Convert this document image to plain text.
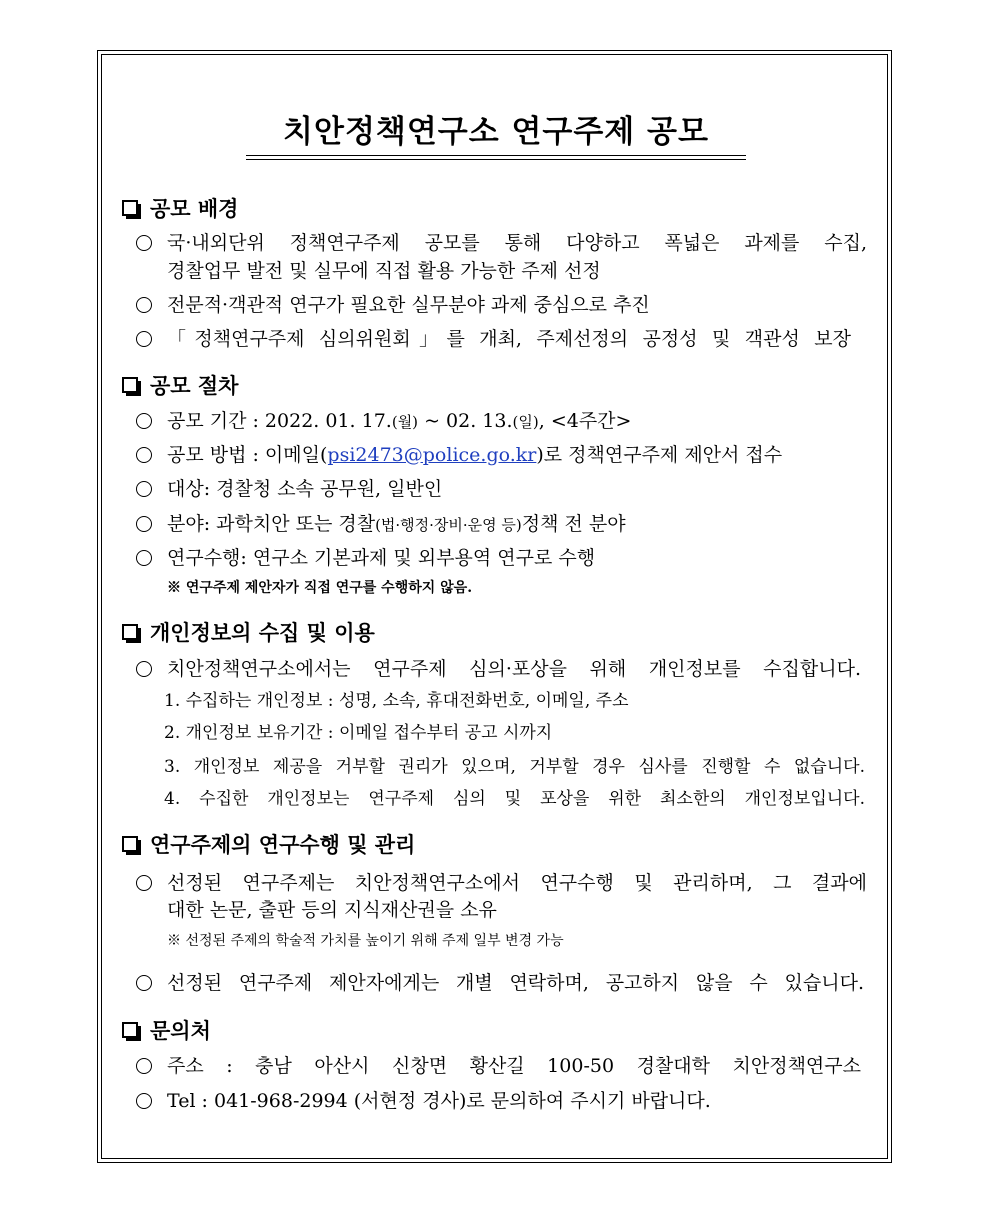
치안정책연구소 연구주제 공모
공모 배경
국·내외단위 정책연구주제 공모를 통해 다양하고 폭넓은 과제를 수집,
경찰업무 발전 및 실무에 직접 활용 가능한 주제 선정
전문적·객관적 연구가 필요한 실무분야 과제 중심으로 추진
「정책연구주제 심의위원회」를 개최, 주제선정의 공정성 및 객관성 보장
공모 절차
공모 기간 : 2022. 01. 17.(월) ~ 02. 13.(일), <4주간>
공모 방법 : 이메일(psi2473@police.go.kr)로 정책연구주제 제안서 접수
대상: 경찰청 소속 공무원, 일반인
분야: 과학치안 또는 경찰(법·행정·장비·운영 등)정책 전 분야
연구수행: 연구소 기본과제 및 외부용역 연구로 수행
※ 연구주제 제안자가 직접 연구를 수행하지 않음.
개인정보의 수집 및 이용
치안정책연구소에서는 연구주제 심의·포상을 위해 개인정보를 수집합니다.
1. 수집하는 개인정보 : 성명, 소속, 휴대전화번호, 이메일, 주소
2. 개인정보 보유기간 : 이메일 접수부터 공고 시까지
3. 개인정보 제공을 거부할 권리가 있으며, 거부할 경우 심사를 진행할 수 없습니다.
4. 수집한 개인정보는 연구주제 심의 및 포상을 위한 최소한의 개인정보입니다.
연구주제의 연구수행 및 관리
선정된 연구주제는 치안정책연구소에서 연구수행 및 관리하며, 그 결과에
대한 논문, 출판 등의 지식재산권을 소유
※ 선정된 주제의 학술적 가치를 높이기 위해 주제 일부 변경 가능
선정된 연구주제 제안자에게는 개별 연락하며, 공고하지 않을 수 있습니다.
문의처
주소 : 충남 아산시 신창면 황산길 100-50 경찰대학 치안정책연구소
Tel : 041-968-2994 (서현정 경사)로 문의하여 주시기 바랍니다.
